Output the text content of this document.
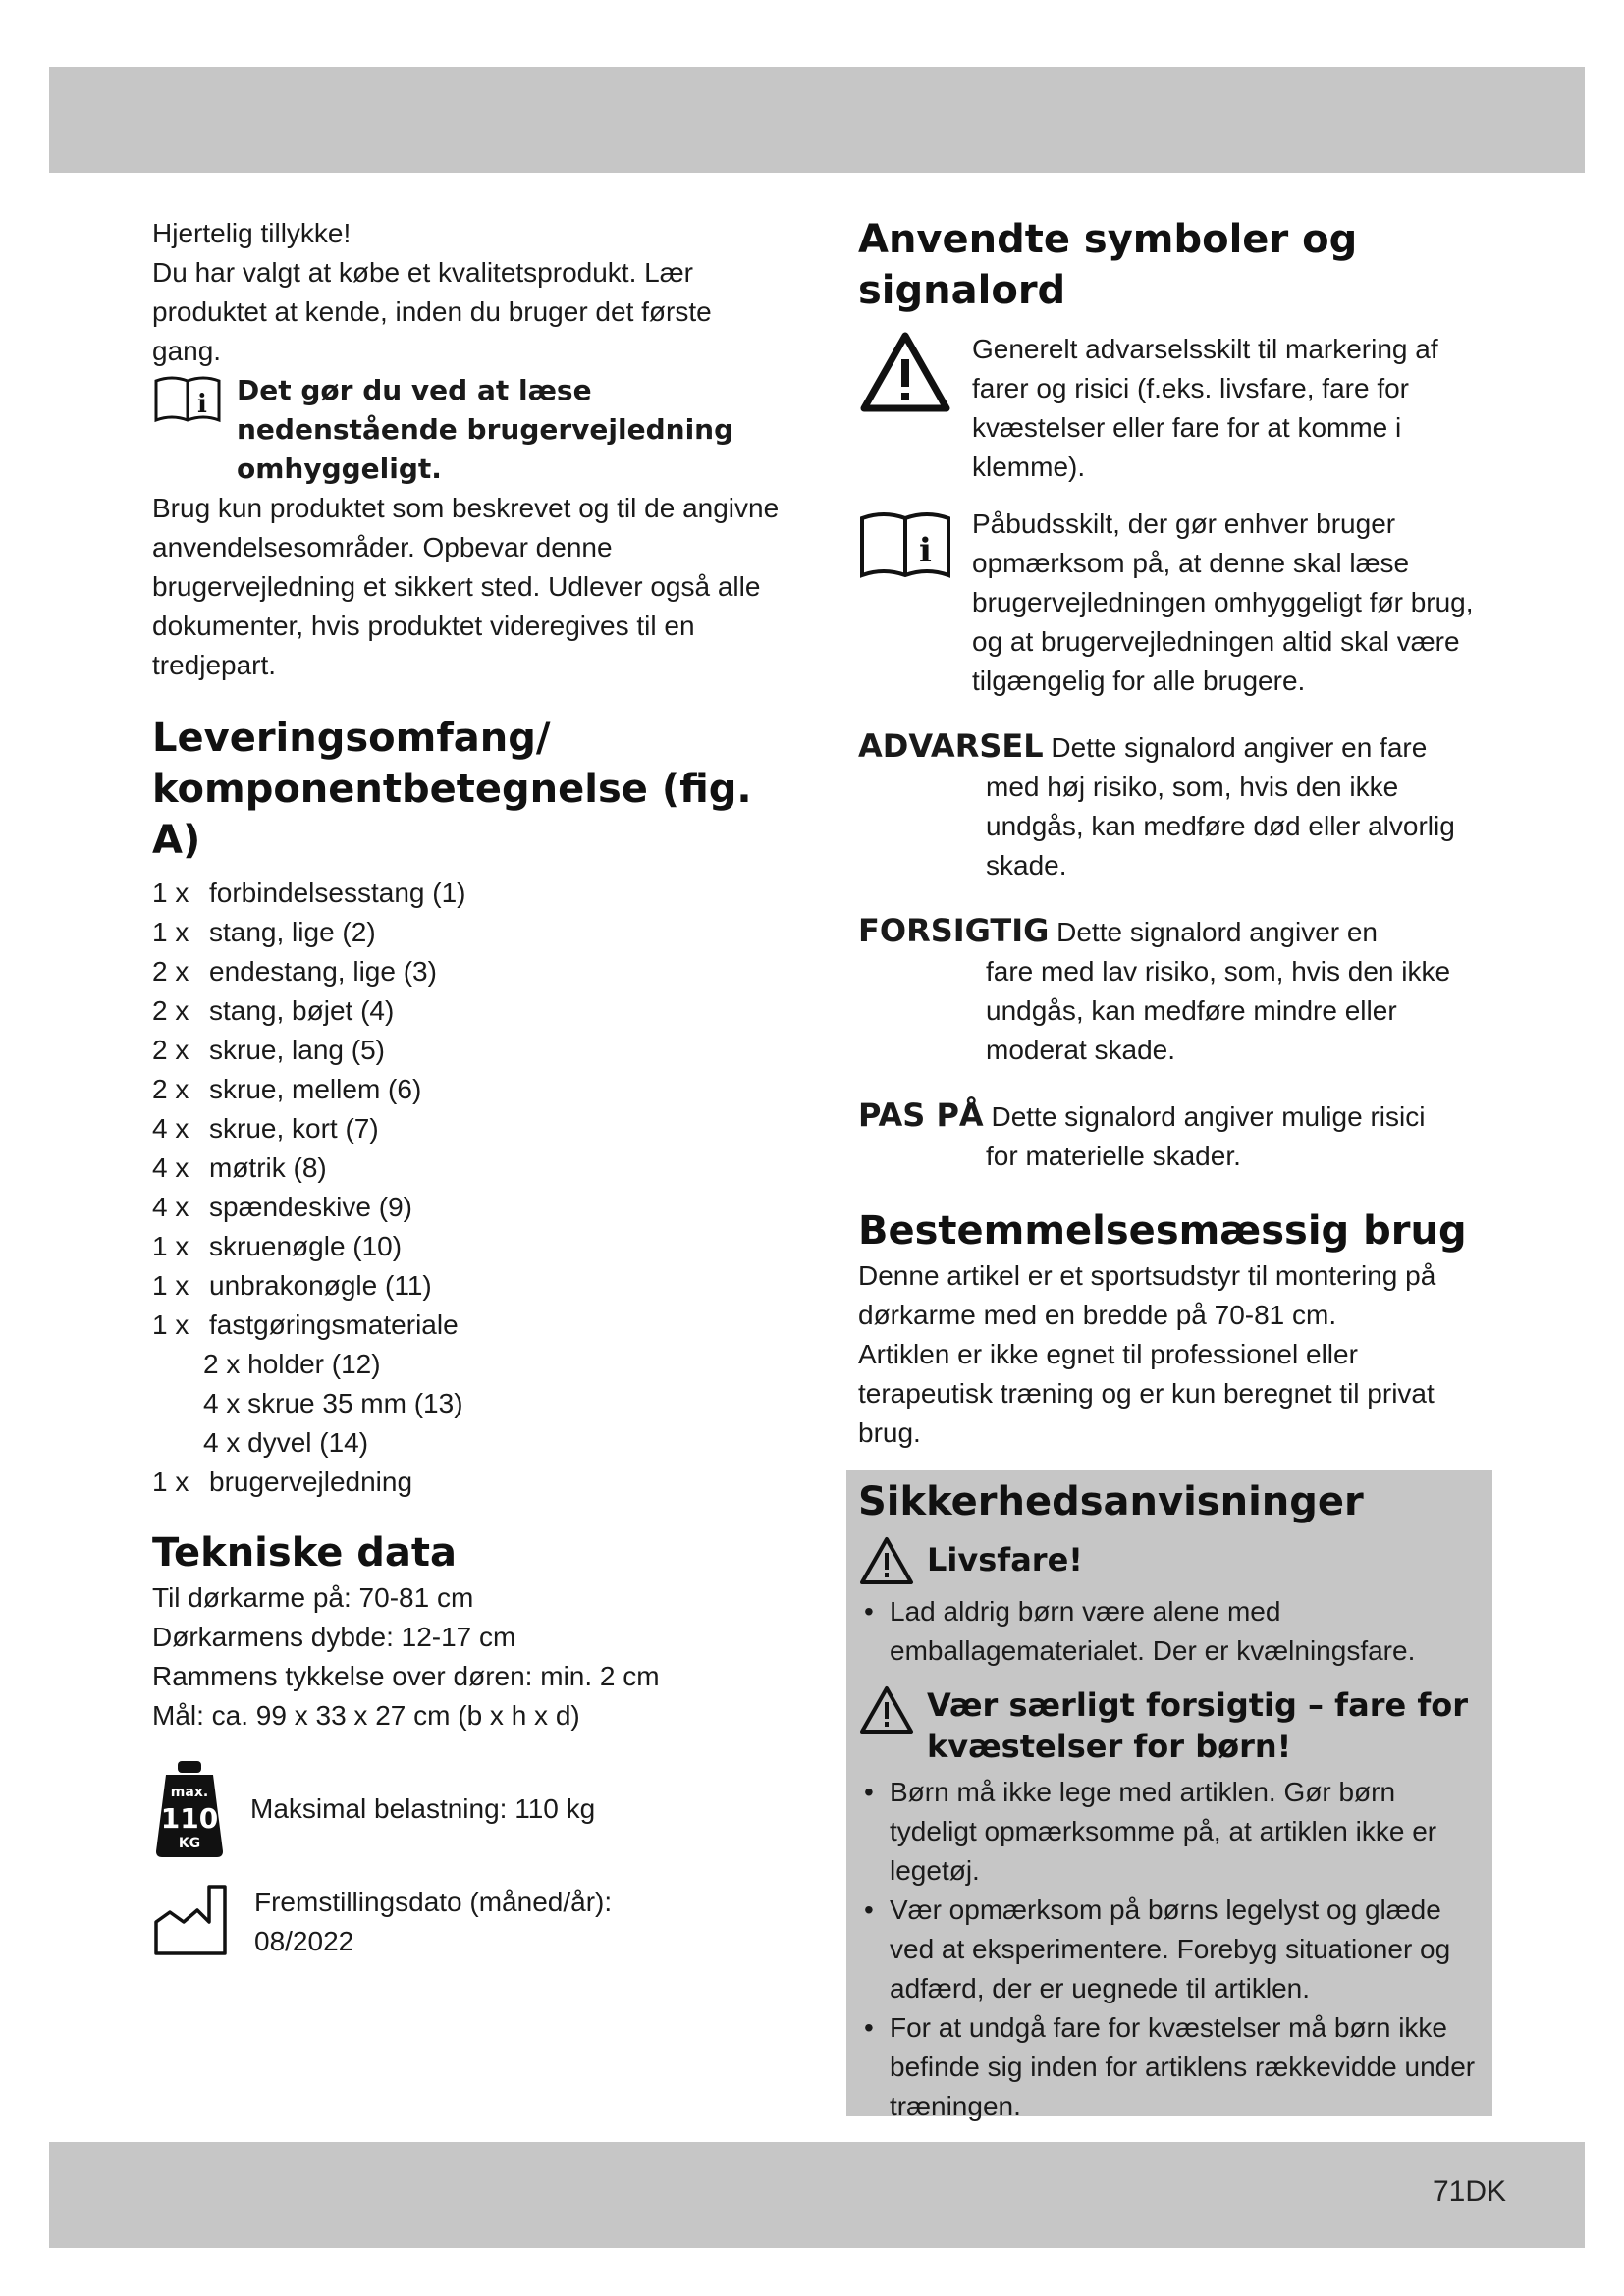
Hjertelig tillykke!

Du har valgt at købe et kvalitetsprodukt. Lær produktet at kende, inden du bruger det første gang.

i Det gør du ved at læse nedenstående brugervejledning omhyggeligt.

Brug kun produktet som beskrevet og til de angivne anvendelsesområder. Opbevar denne brugervejledning et sikkert sted. Udlever også alle dokumenter, hvis produktet videregives til en tredjepart.

Leveringsomfang/ komponentbetegnelse (fig. A)
1 x forbindelsesstang (1)
1 x stang, lige (2)
2 x endestang, lige (3)
2 x stang, bøjet (4)
2 x skrue, lang (5)
2 x skrue, mellem (6)
4 x skrue, kort (7)
4 x møtrik (8)
4 x spændeskive (9)
1 x skruenøgle (10)
1 x unbrakonøgle (11)
1 x fastgøringsmateriale
2 x holder (12)
4 x skrue 35 mm (13)
4 x dyvel (14)
1 x brugervejledning
Tekniske data

Til dørkarme på: 70-81 cm

Dørkarmens dybde: 12-17 cm

Rammens tykkelse over døren: min. 2 cm

Mål: ca. 99 x 33 x 27 cm (b x h x d)

max.
110
KG

Maksimal belastning: 110 kg

Fremstillingsdato (måned/år):

08/2022

Anvendte symboler og signalord

Generelt advarselsskilt til markering af farer og risici (f.eks. livsfare, fare for kvæstelser eller fare for at komme i klemme).

i

Påbudsskilt, der gør enhver bruger opmærksom på, at denne skal læse brugervejledningen omhyggeligt før brug, og at brugervejledningen altid skal være tilgængelig for alle brugere.

ADVARSEL Dette signalord angiver en fare
med høj risiko, som, hvis den ikke undgås, kan medføre død eller alvorlig skade.
FORSIGTIG Dette signalord angiver en
fare med lav risiko, som, hvis den ikke undgås, kan medføre mindre eller moderat skade.
PAS PÅ Dette signalord angiver mulige risici
for materielle skader.
Bestemmelsesmæssig brug

Denne artikel er et sportsudstyr til montering på dørkarme med en bredde på 70-81 cm.

Artiklen er ikke egnet til professionel eller terapeutisk træning og er kun beregnet til privat brug.

Sikkerhedsanvisninger
Livsfare!
• Lad aldrig børn være alene med emballagematerialet. Der er kvælningsfare.
Vær særligt forsigtig – fare for kvæstelser for børn!
• Børn må ikke lege med artiklen. Gør børn tydeligt opmærksomme på, at artiklen ikke er legetøj.
• Vær opmærksom på børns legelyst og glæde ved at eksperimentere. Forebyg situationer og adfærd, der er uegnede til artiklen.
• For at undgå fare for kvæstelser må børn ikke befinde sig inden for artiklens rækkevidde under træningen.
71DK
